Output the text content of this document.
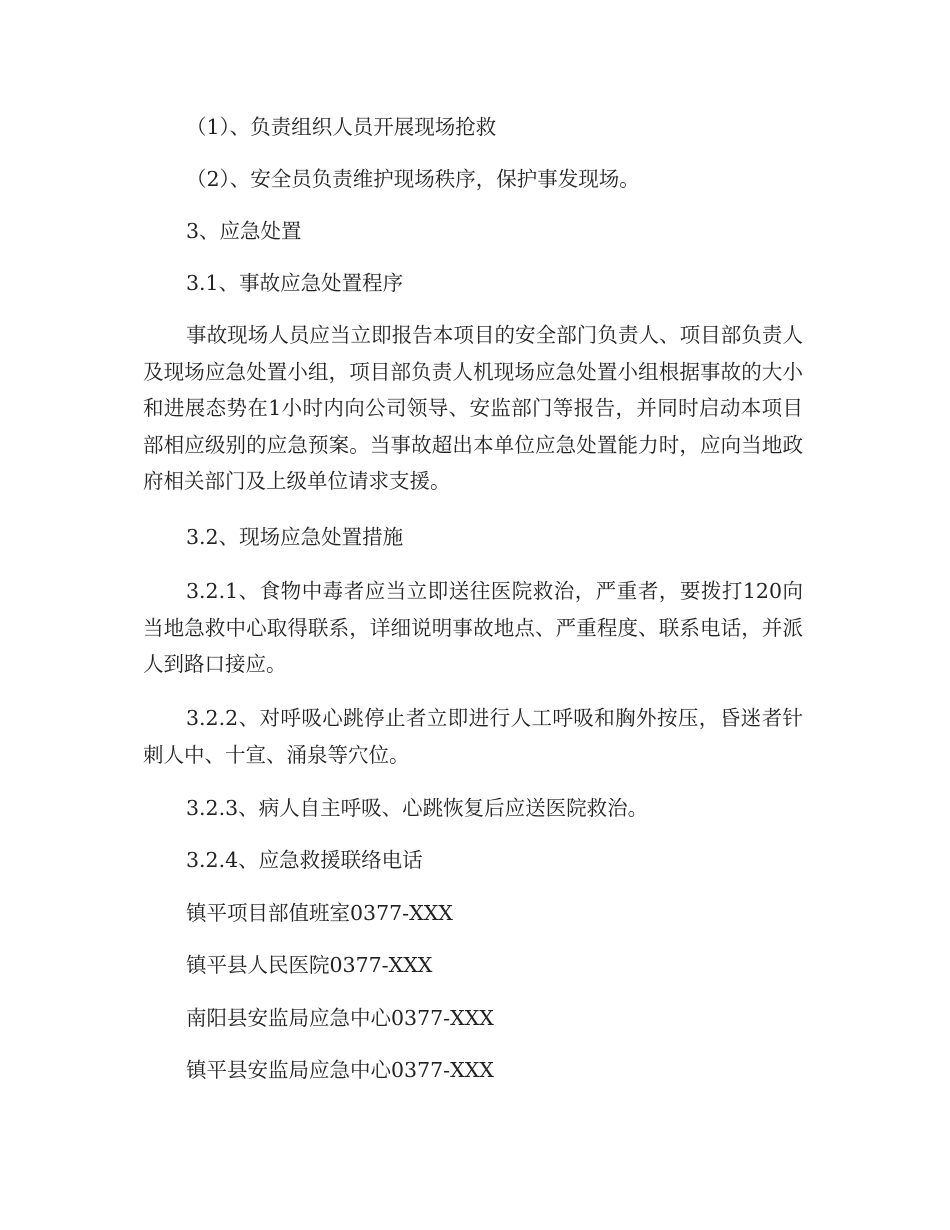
（1）、负责组织人员开展现场抢救
（2）、安全员负责维护现场秩序，保护事发现场。
3、应急处置
3.1、事故应急处置程序
事故现场人员应当立即报告本项目的安全部门负责人、项目部负责人及现场应急处置小组，项目部负责人机现场应急处置小组根据事故的大小和进展态势在1小时内向公司领导、安监部门等报告，并同时启动本项目部相应级别的应急预案。当事故超出本单位应急处置能力时，应向当地政府相关部门及上级单位请求支援。
3.2、现场应急处置措施
3.2.1、食物中毒者应当立即送往医院救治，严重者，要拨打120向当地急救中心取得联系，详细说明事故地点、严重程度、联系电话，并派人到路口接应。
3.2.2、对呼吸心跳停止者立即进行人工呼吸和胸外按压，昏迷者针刺人中、十宣、涌泉等穴位。
3.2.3、病人自主呼吸、心跳恢复后应送医院救治。
3.2.4、应急救援联络电话
镇平项目部值班室0377-XXX
镇平县人民医院0377-XXX
南阳县安监局应急中心0377-XXX
镇平县安监局应急中心0377-XXX
